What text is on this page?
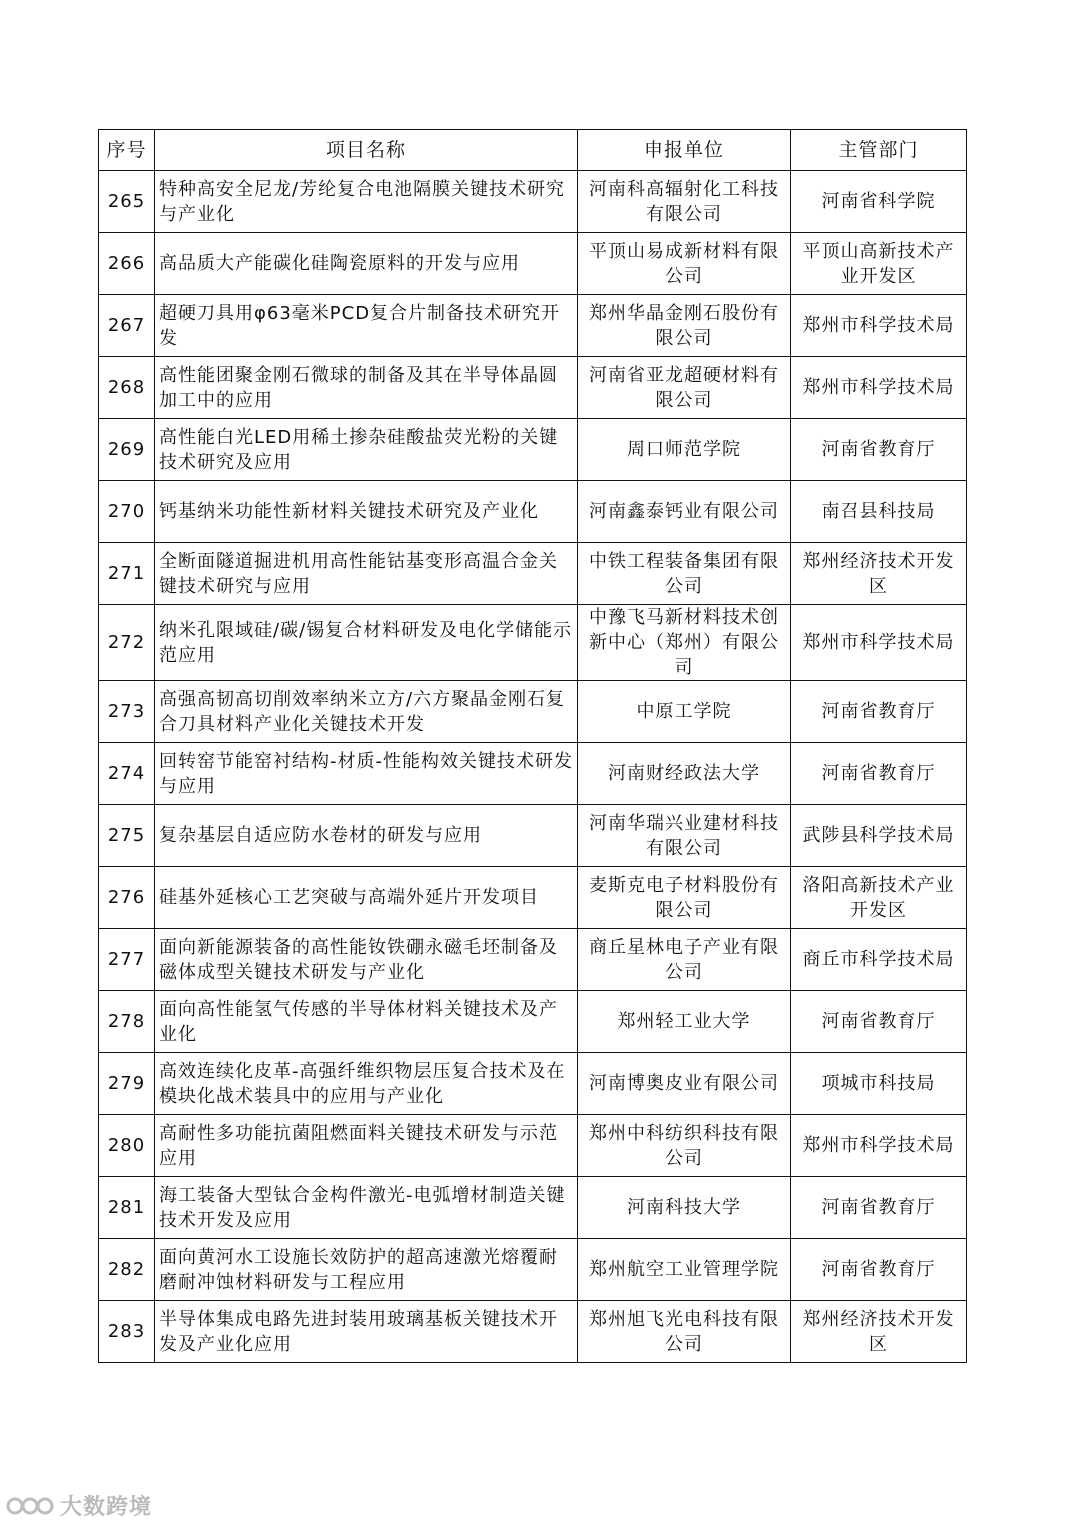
序号	项目名称	申报单位	主管部门
265	特种高安全尼龙/芳纶复合电池隔膜关键技术研究与产业化	河南科高辐射化工科技有限公司	河南省科学院
266	高品质大产能碳化硅陶瓷原料的开发与应用	平顶山易成新材料有限公司	平顶山高新技术产业开发区
267	超硬刀具用φ63毫米PCD复合片制备技术研究开发	郑州华晶金刚石股份有限公司	郑州市科学技术局
268	高性能团聚金刚石微球的制备及其在半导体晶圆加工中的应用	河南省亚龙超硬材料有限公司	郑州市科学技术局
269	高性能白光LED用稀土掺杂硅酸盐荧光粉的关键技术研究及应用	周口师范学院	河南省教育厅
270	钙基纳米功能性新材料关键技术研究及产业化	河南鑫泰钙业有限公司	南召县科技局
271	全断面隧道掘进机用高性能钴基变形高温合金关键技术研究与应用	中铁工程装备集团有限公司	郑州经济技术开发区
272	纳米孔限域硅/碳/锡复合材料研发及电化学储能示范应用	中豫飞马新材料技术创新中心（郑州）有限公司	郑州市科学技术局
273	高强高韧高切削效率纳米立方/六方聚晶金刚石复合刀具材料产业化关键技术开发	中原工学院	河南省教育厅
274	回转窑节能窑衬结构-材质-性能构效关键技术研发与应用	河南财经政法大学	河南省教育厅
275	复杂基层自适应防水卷材的研发与应用	河南华瑞兴业建材科技有限公司	武陟县科学技术局
276	硅基外延核心工艺突破与高端外延片开发项目	麦斯克电子材料股份有限公司	洛阳高新技术产业开发区
277	面向新能源装备的高性能钕铁硼永磁毛坯制备及磁体成型关键技术研发与产业化	商丘星林电子产业有限公司	商丘市科学技术局
278	面向高性能氢气传感的半导体材料关键技术及产业化	郑州轻工业大学	河南省教育厅
279	高效连续化皮革-高强纤维织物层压复合技术及在模块化战术装具中的应用与产业化	河南博奥皮业有限公司	项城市科技局
280	高耐性多功能抗菌阻燃面料关键技术研发与示范应用	郑州中科纺织科技有限公司	郑州市科学技术局
281	海工装备大型钛合金构件激光-电弧增材制造关键技术开发及应用	河南科技大学	河南省教育厅
282	面向黄河水工设施长效防护的超高速激光熔覆耐磨耐冲蚀材料研发与工程应用	郑州航空工业管理学院	河南省教育厅
283	半导体集成电路先进封装用玻璃基板关键技术开发及产业化应用	郑州旭飞光电科技有限公司	郑州经济技术开发区
大数跨境
